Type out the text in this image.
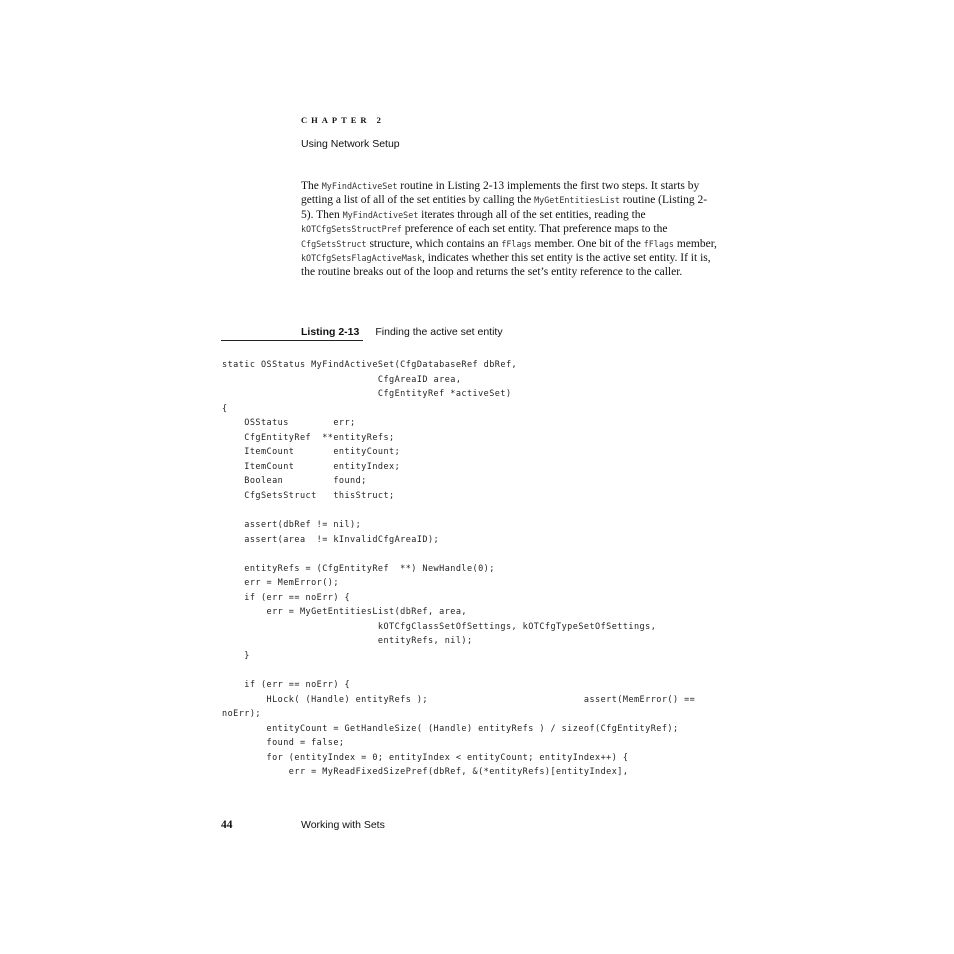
CHAPTER 2
Using Network Setup
The MyFindActiveSet routine in Listing 2-13 implements the first two steps. It starts by getting a list of all of the set entities by calling the MyGetEntitiesList routine (Listing 2-5). Then MyFindActiveSet iterates through all of the set entities, reading the kOTCfgSetsStructPref preference of each set entity. That preference maps to the CfgSetsStruct structure, which contains an fFlags member. One bit of the fFlags member, kOTCfgSetsFlagActiveMask, indicates whether this set entity is the active set entity. If it is, the routine breaks out of the loop and returns the set’s entity reference to the caller.
Listing 2-13 Finding the active set entity
static OSStatus MyFindActiveSet(CfgDatabaseRef dbRef,
CfgAreaID area,
CfgEntityRef *activeSet)
{
OSStatus        err;
CfgEntityRef  **entityRefs;
ItemCount       entityCount;
ItemCount       entityIndex;
Boolean         found;
CfgSetsStruct   thisStruct;

assert(dbRef != nil);
assert(area  != kInvalidCfgAreaID);

entityRefs = (CfgEntityRef  **) NewHandle(0);
err = MemError();
if (err == noErr) {
err = MyGetEntitiesList(dbRef, area,
kOTCfgClassSetOfSettings, kOTCfgTypeSetOfSettings,
entityRefs, nil);
}

if (err == noErr) {
HLock( (Handle) entityRefs );                            assert(MemError() ==
noErr);
entityCount = GetHandleSize( (Handle) entityRefs ) / sizeof(CfgEntityRef);
found = false;
for (entityIndex = 0; entityIndex < entityCount; entityIndex++) {
err = MyReadFixedSizePref(dbRef, &(*entityRefs)[entityIndex],
44	Working with Sets
